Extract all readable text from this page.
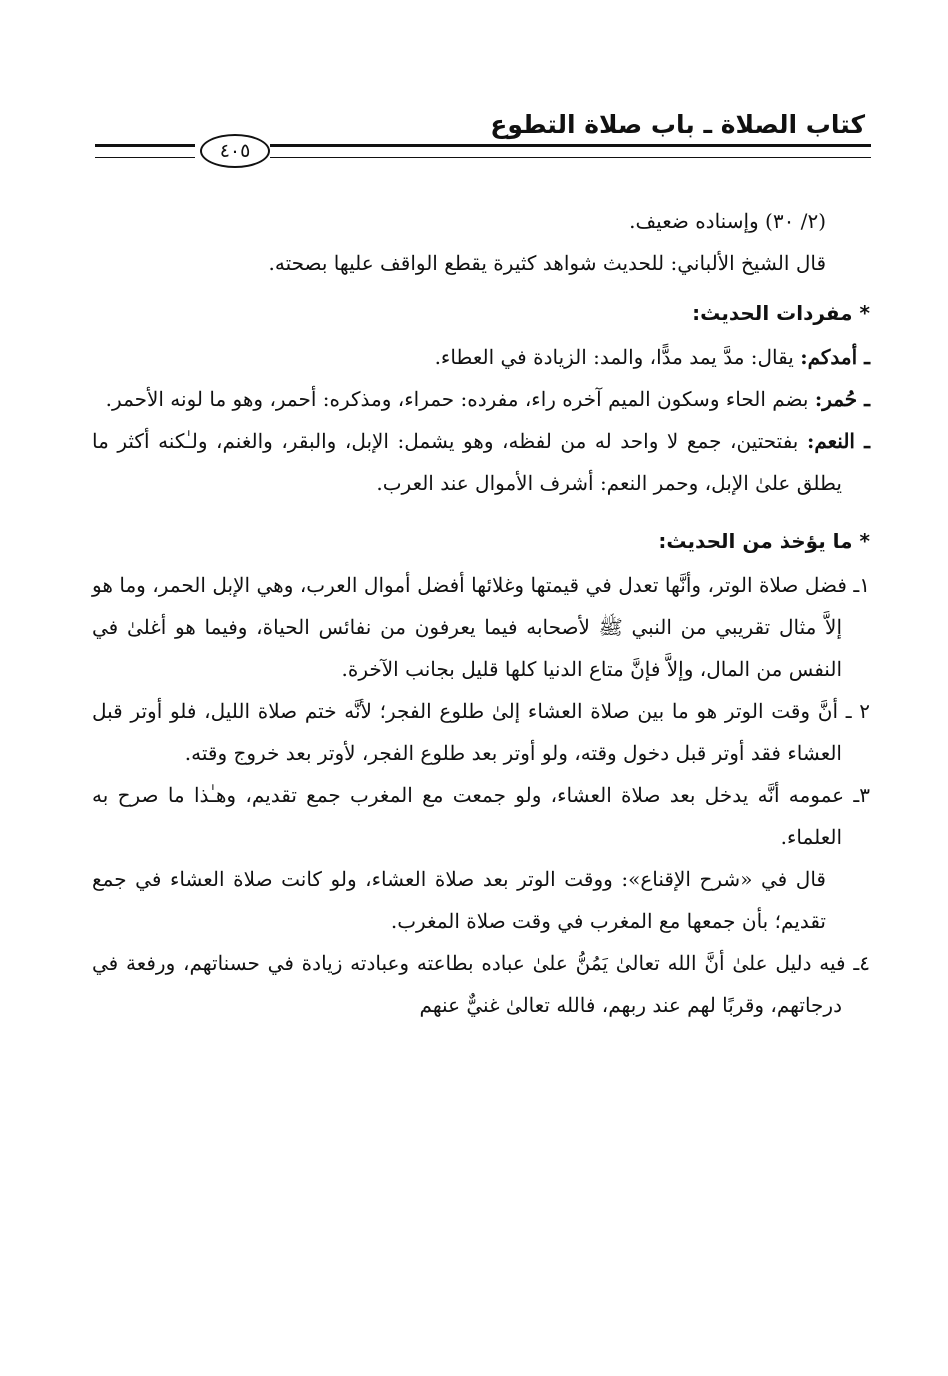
كتاب الصلاة ـ باب صلاة التطوع
٤٠٥

(٢/ ٣٠) وإسناده ضعيف.

قال الشيخ الألباني: للحديث شواهد كثيرة يقطع الواقف عليها بصحته.

* مفردات الحديث:

ـ أمدكم: يقال: مدَّ يمد مدًّا، والمد: الزيادة في العطاء.

ـ حُمر: بضم الحاء وسكون الميم آخره راء، مفرده: حمراء، ومذكره: أحمر، وهو ما لونه الأحمر.

ـ النعم: بفتحتين، جمع لا واحد له من لفظه، وهو يشمل: الإبل، والبقر، والغنم، ولـٰكنه أكثر ما يطلق علىٰ الإبل، وحمر النعم: أشرف الأموال عند العرب.

* ما يؤخذ من الحديث:

١ـ فضل صلاة الوتر، وأنَّها تعدل في قيمتها وغلائها أفضل أموال العرب، وهي الإبل الحمر، وما هو إلاَّ مثال تقريبي من النبي ﷺ لأصحابه فيما يعرفون من نفائس الحياة، وفيما هو أغلىٰ في النفس من المال، وإلاَّ فإنَّ متاع الدنيا كلها قليل بجانب الآخرة.

٢ ـ أنَّ وقت الوتر هو ما بين صلاة العشاء إلىٰ طلوع الفجر؛ لأنَّه ختم صلاة الليل، فلو أوتر قبل العشاء فقد أوتر قبل دخول وقته، ولو أوتر بعد طلوع الفجر، لأوتر بعد خروج وقته.

٣ـ عمومه أنَّه يدخل بعد صلاة العشاء، ولو جمعت مع المغرب جمع تقديم، وهـٰذا ما صرح به العلماء.

قال في «شرح الإقناع»: ووقت الوتر بعد صلاة العشاء، ولو كانت صلاة العشاء في جمع تقديم؛ بأن جمعها مع المغرب في وقت صلاة المغرب.

٤ـ فيه دليل علىٰ أنَّ الله تعالىٰ يَمُنُّ علىٰ عباده بطاعته وعبادته زيادة في حسناتهم، ورفعة في درجاتهم، وقربًا لهم عند ربهم، فالله تعالىٰ غنيٌّ عنهم
